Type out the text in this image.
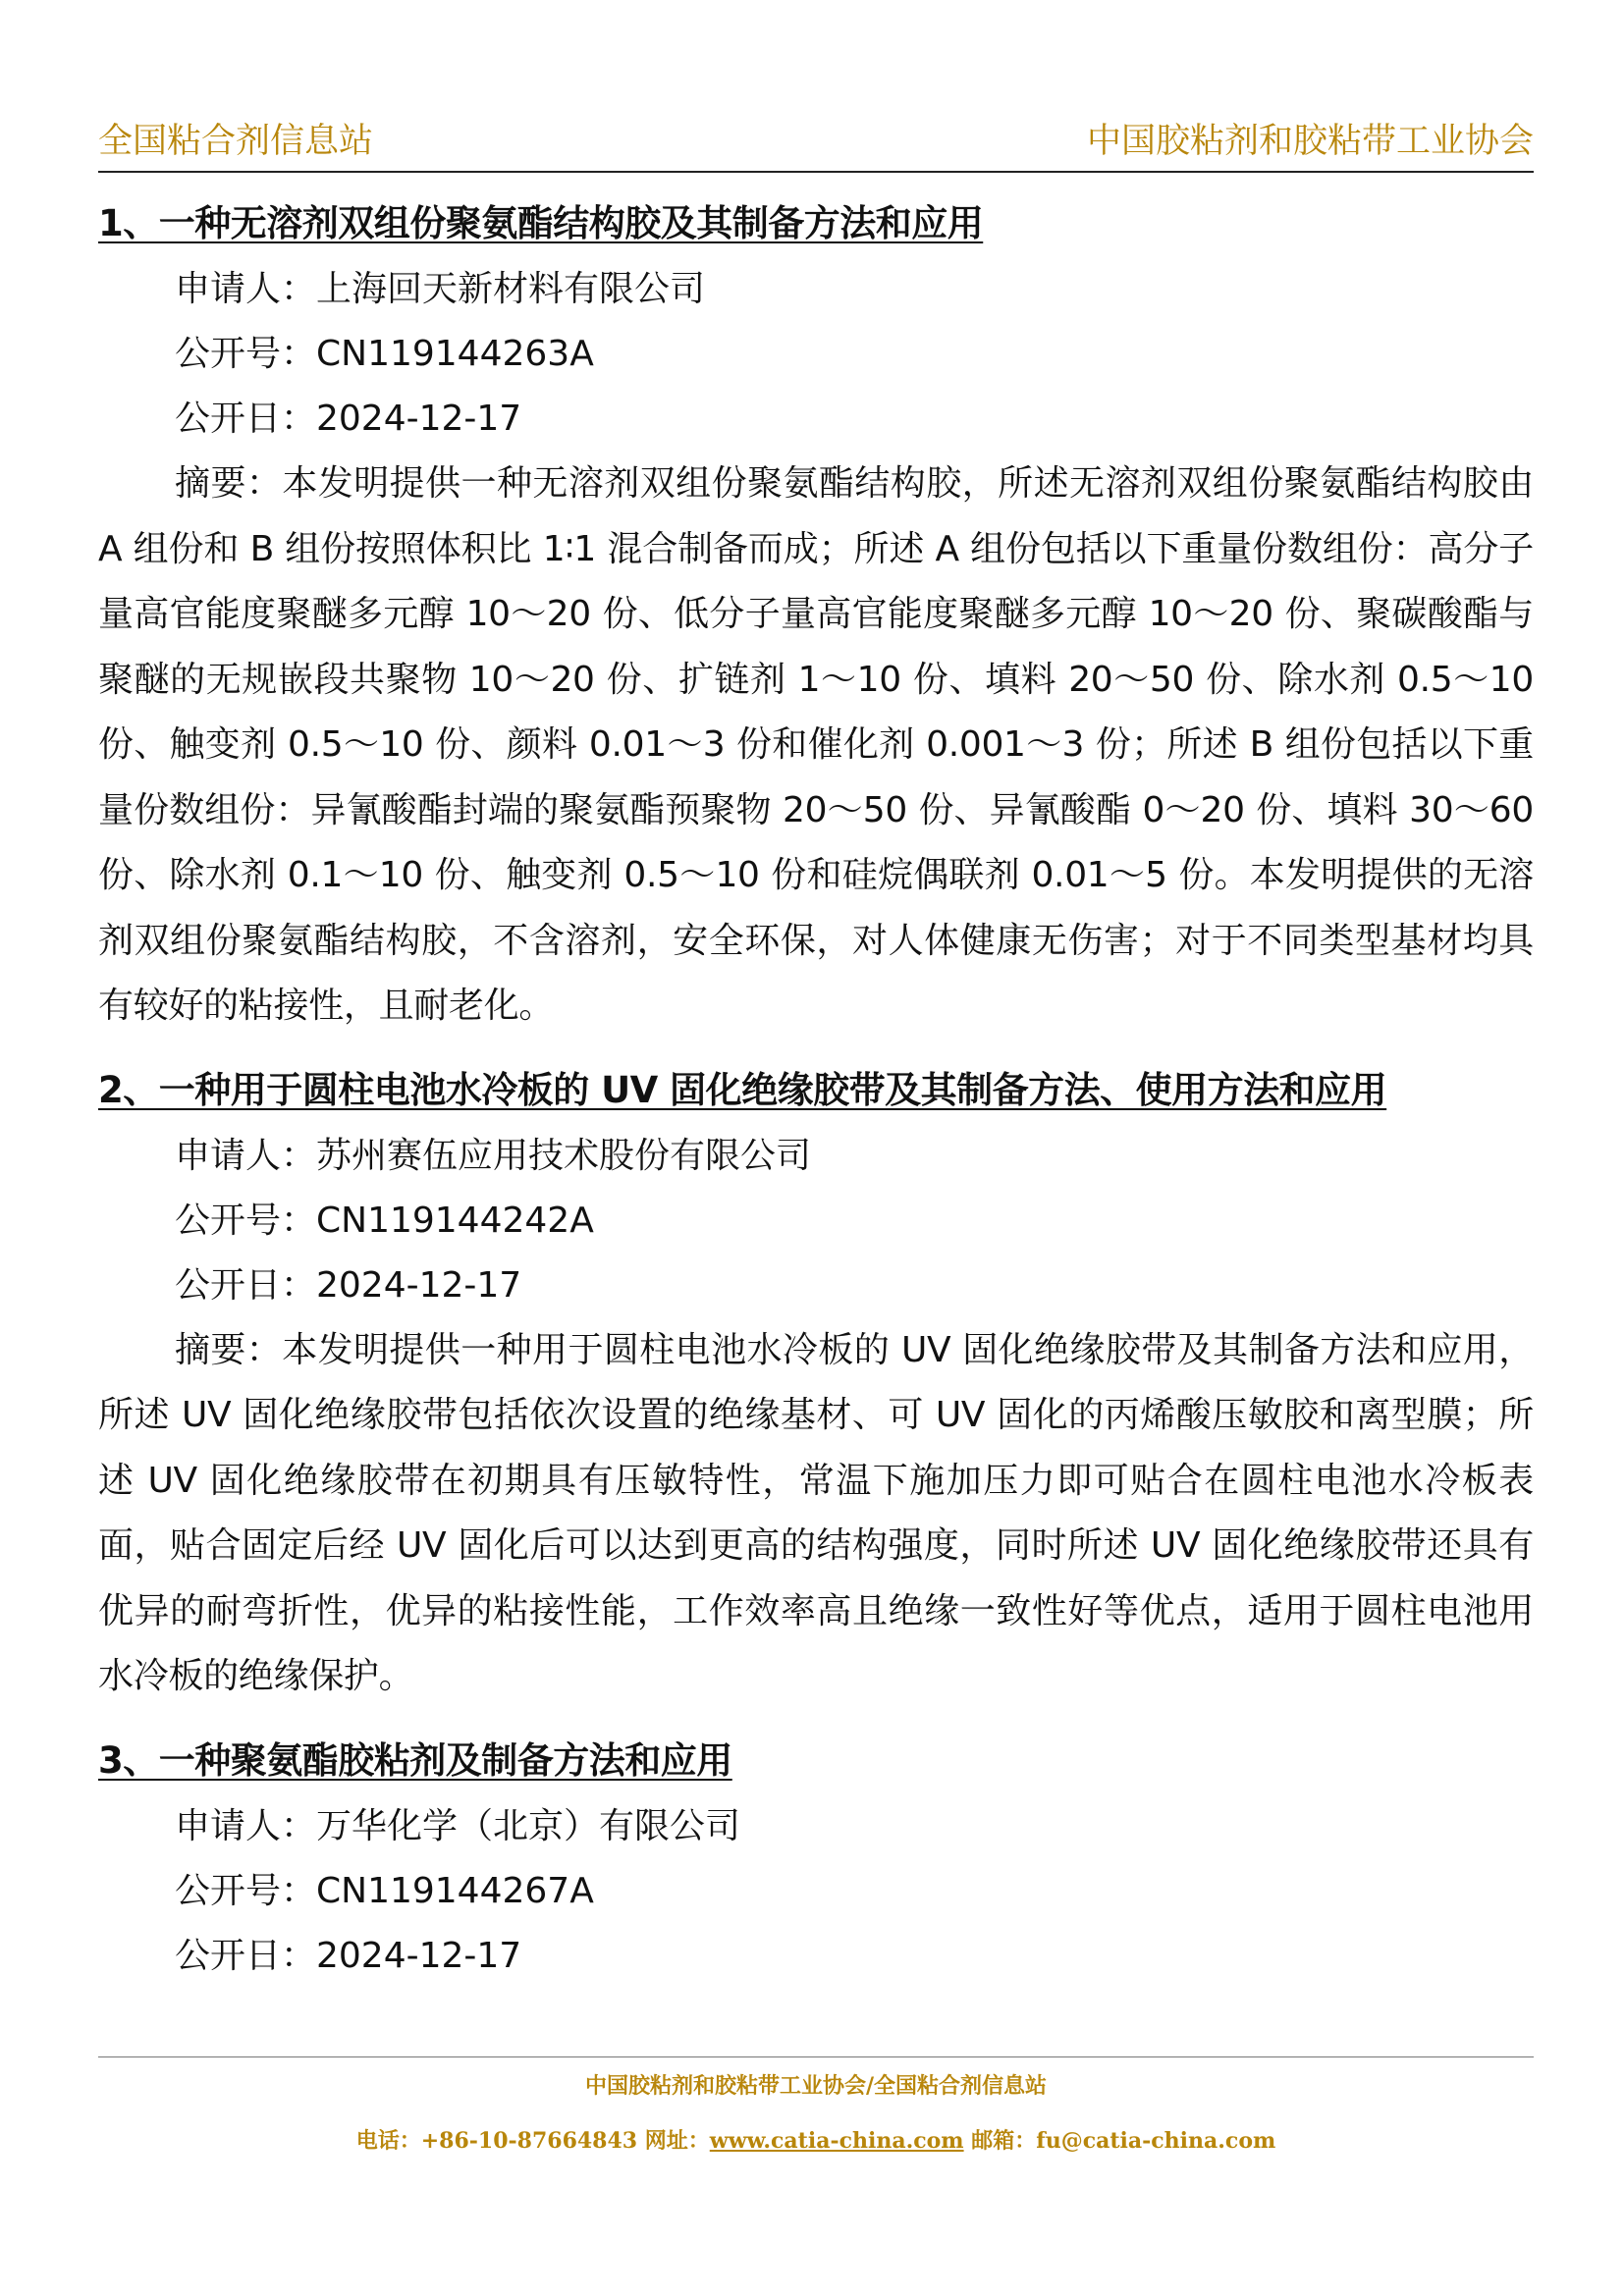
全国粘合剂信息站	中国胶粘剂和胶粘带工业协会
1、一种无溶剂双组份聚氨酯结构胶及其制备方法和应用
申请人：上海回天新材料有限公司
公开号：CN119144263A
公开日：2024-12-17

摘要：本发明提供一种无溶剂双组份聚氨酯结构胶，所述无溶剂双组份聚氨酯结构胶由 A 组份和 B 组份按照体积比 1∶1 混合制备而成；所述 A 组份包括以下重量份数组份：高分子量高官能度聚醚多元醇 10～20 份、低分子量高官能度聚醚多元醇 10～20 份、聚碳酸酯与聚醚的无规嵌段共聚物 10～20 份、扩链剂 1～10 份、填料 20～50 份、除水剂 0.5～10 份、触变剂 0.5～10 份、颜料 0.01～3 份和催化剂 0.001～3 份；所述 B 组份包括以下重量份数组份：异氰酸酯封端的聚氨酯预聚物 20～50 份、异氰酸酯 0～20 份、填料 30～60 份、除水剂 0.1～10 份、触变剂 0.5～10 份和硅烷偶联剂 0.01～5 份。本发明提供的无溶剂双组份聚氨酯结构胶，不含溶剂，安全环保，对人体健康无伤害；对于不同类型基材均具有较好的粘接性，且耐老化。

2、一种用于圆柱电池水冷板的 UV 固化绝缘胶带及其制备方法、使用方法和应用
申请人：苏州赛伍应用技术股份有限公司
公开号：CN119144242A
公开日：2024-12-17

摘要：本发明提供一种用于圆柱电池水冷板的 UV 固化绝缘胶带及其制备方法和应用，所述 UV 固化绝缘胶带包括依次设置的绝缘基材、可 UV 固化的丙烯酸压敏胶和离型膜；所述 UV 固化绝缘胶带在初期具有压敏特性，常温下施加压力即可贴合在圆柱电池水冷板表面，贴合固定后经 UV 固化后可以达到更高的结构强度，同时所述 UV 固化绝缘胶带还具有优异的耐弯折性，优异的粘接性能，工作效率高且绝缘一致性好等优点，适用于圆柱电池用水冷板的绝缘保护。

3、一种聚氨酯胶粘剂及制备方法和应用
申请人：万华化学（北京）有限公司
公开号：CN119144267A
公开日：2024-12-17
中国胶粘剂和胶粘带工业协会/全国粘合剂信息站
电话：+86-10-87664843 网址：www.catia-china.com 邮箱：fu@catia-china.com
